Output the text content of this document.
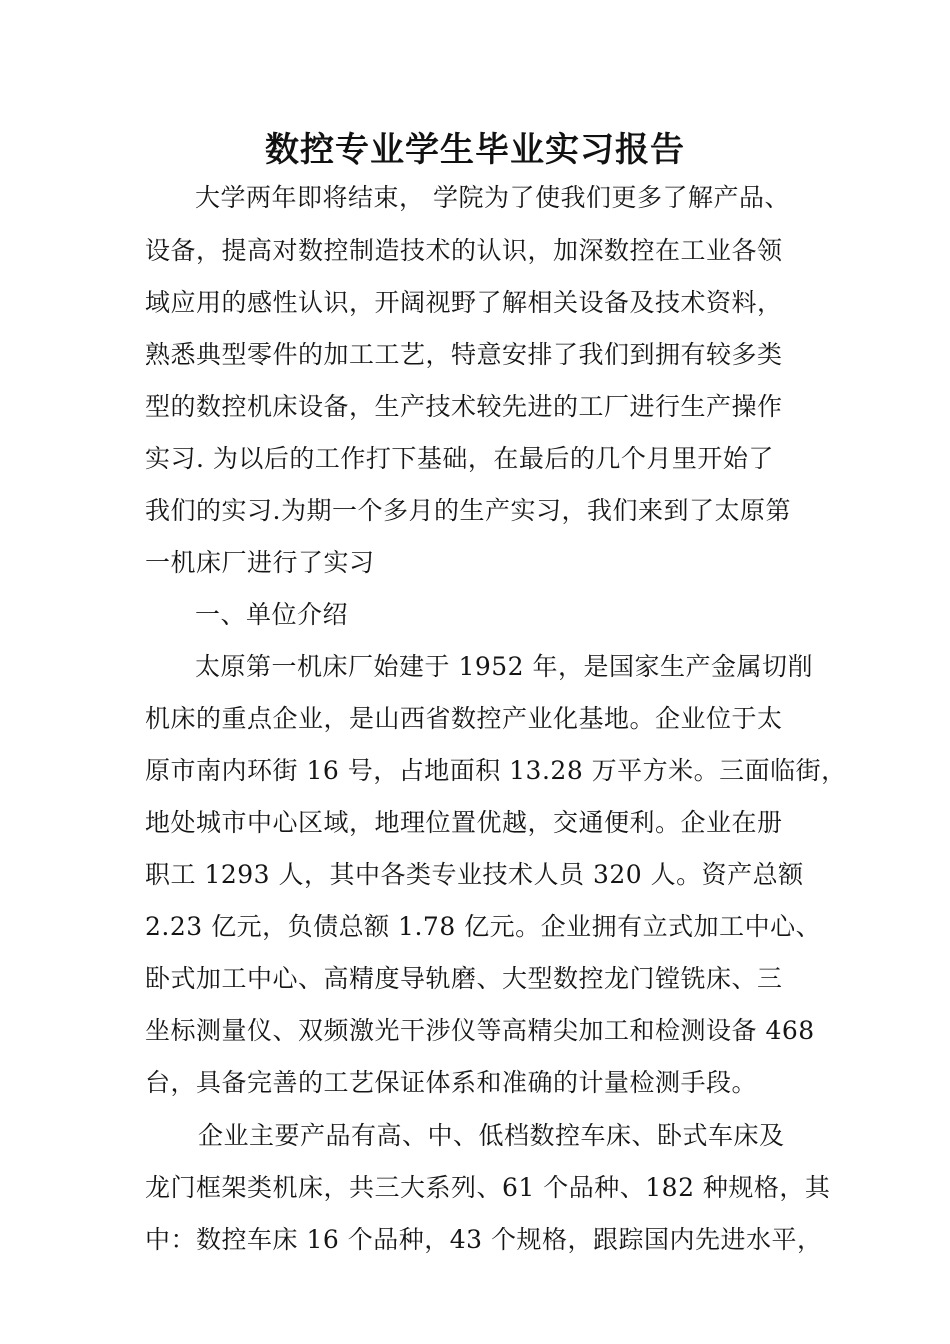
数控专业学生毕业实习报告
大学两年即将结束， 学院为了使我们更多了解产品、
设备，提高对数控制造技术的认识，加深数控在工业各领
域应用的感性认识，开阔视野了解相关设备及技术资料，
熟悉典型零件的加工工艺，特意安排了我们到拥有较多类
型的数控机床设备，生产技术较先进的工厂进行生产操作
实习. 为以后的工作打下基础，在最后的几个月里开始了
我们的实习.为期一个多月的生产实习，我们来到了太原第
一机床厂进行了实习
一、单位介绍
太原第一机床厂始建于 1952 年，是国家生产金属切削
机床的重点企业，是山西省数控产业化基地。企业位于太
原市南内环街 16 号，占地面积 13.28 万平方米。三面临街，
地处城市中心区域，地理位置优越，交通便利。企业在册
职工 1293 人，其中各类专业技术人员 320 人。资产总额
2.23 亿元，负债总额 1.78 亿元。企业拥有立式加工中心、
卧式加工中心、高精度导轨磨、大型数控龙门镗铣床、三
坐标测量仪、双频激光干涉仪等高精尖加工和检测设备 468
台，具备完善的工艺保证体系和准确的计量检测手段。
企业主要产品有高、中、低档数控车床、卧式车床及
龙门框架类机床，共三大系列、61 个品种、182 种规格，其
中：数控车床 16 个品种，43 个规格，跟踪国内先进水平，
